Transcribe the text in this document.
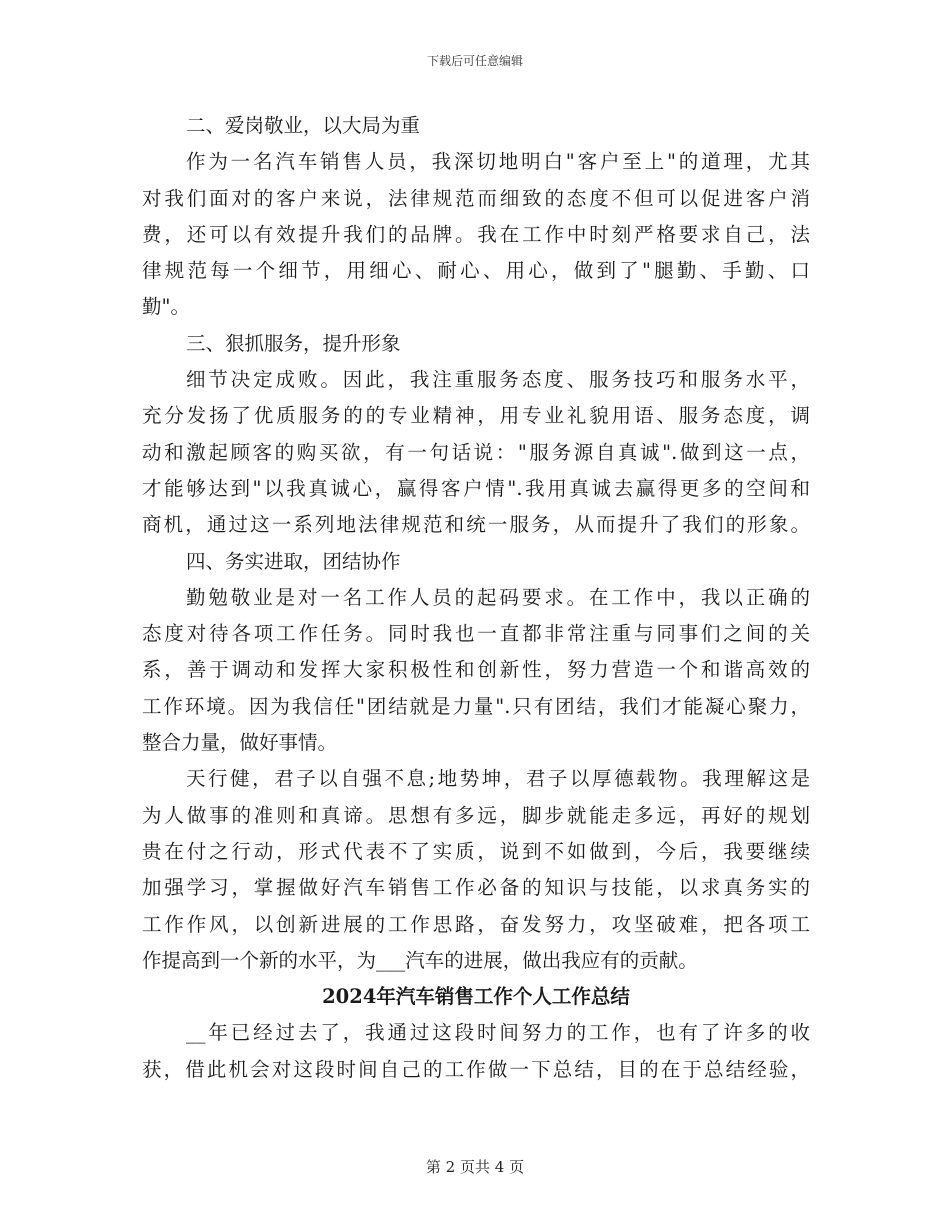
下载后可任意编辑
二、爱岗敬业，以大局为重
作为一名汽车销售人员，我深切地明白"客户至上"的道理，尤其
对我们面对的客户来说，法律规范而细致的态度不但可以促进客户消
费，还可以有效提升我们的品牌。我在工作中时刻严格要求自己，法
律规范每一个细节，用细心、耐心、用心，做到了"腿勤、手勤、口
勤"。
三、狠抓服务，提升形象
细节决定成败。因此，我注重服务态度、服务技巧和服务水平，
充分发扬了优质服务的的专业精神，用专业礼貌用语、服务态度，调
动和激起顾客的购买欲，有一句话说："服务源自真诚".做到这一点，
才能够达到"以我真诚心，赢得客户情".我用真诚去赢得更多的空间和
商机，通过这一系列地法律规范和统一服务，从而提升了我们的形象。
四、务实进取，团结协作
勤勉敬业是对一名工作人员的起码要求。在工作中，我以正确的
态度对待各项工作任务。同时我也一直都非常注重与同事们之间的关
系，善于调动和发挥大家积极性和创新性，努力营造一个和谐高效的
工作环境。因为我信任"团结就是力量".只有团结，我们才能凝心聚力，
整合力量，做好事情。
天行健，君子以自强不息;地势坤，君子以厚德载物。我理解这是
为人做事的准则和真谛。思想有多远，脚步就能走多远，再好的规划
贵在付之行动，形式代表不了实质，说到不如做到，今后，我要继续
加强学习，掌握做好汽车销售工作必备的知识与技能，以求真务实的
工作作风，以创新进展的工作思路，奋发努力，攻坚破难，把各项工
作提高到一个新的水平，为___汽车的进展，做出我应有的贡献。
2024年汽车销售工作个人工作总结
__年已经过去了，我通过这段时间努力的工作，也有了许多的收
获，借此机会对这段时间自己的工作做一下总结，目的在于总结经验，
第 2 页共 4 页
